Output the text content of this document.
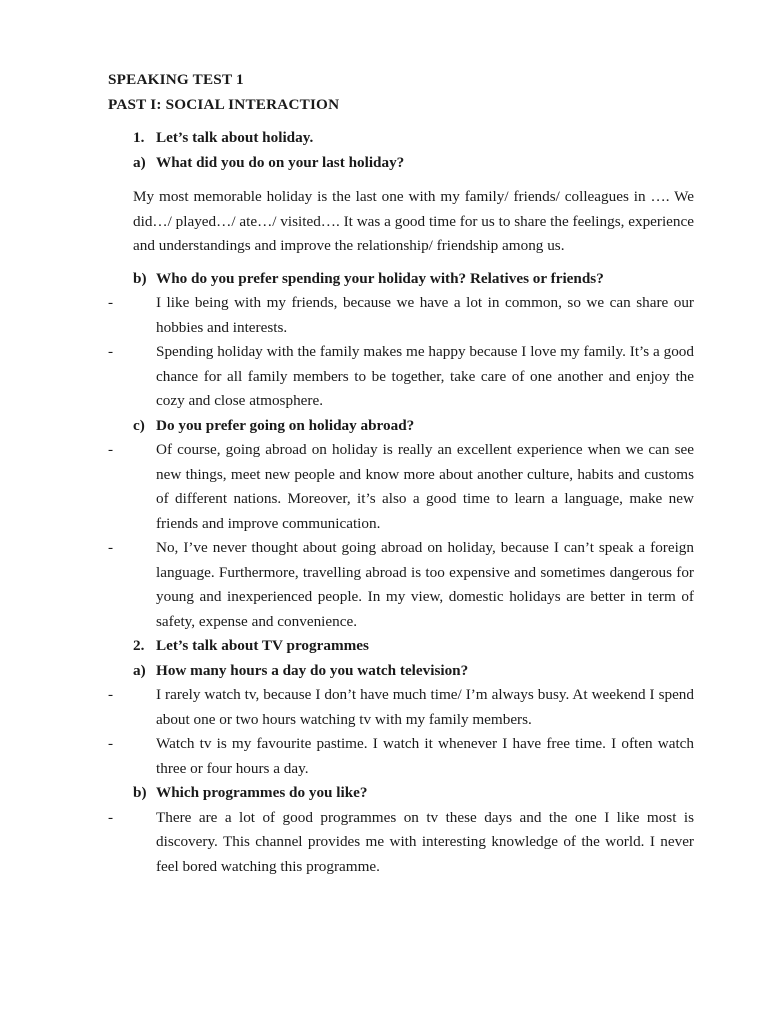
SPEAKING TEST 1

PAST I: SOCIAL INTERACTION

1. Let’s talk about holiday.
a) What did you do on your last holiday?

My most memorable holiday is the last one with my family/ friends/ colleagues in …. We did…/ played…/ ate…/ visited…. It was a good time for us to share the feelings, experience and understandings and improve the relationship/ friendship among us.

b) Who do you prefer spending your holiday with? Relatives or friends?
-	I like being with my friends, because we have a lot in common, so we can share our hobbies and interests.
-	Spending holiday with the family makes me happy because I love my family. It’s a good chance for all family members to be together, take care of one another and enjoy the cozy and close atmosphere.
c) Do you prefer going on holiday abroad?
-	Of course, going abroad on holiday is really an excellent experience when we can see new things, meet new people and know more about another culture, habits and customs of different nations. Moreover, it’s also a good time to learn a language, make new friends and improve communication.
-	No, I’ve never thought about going abroad on holiday, because I can’t speak a foreign language. Furthermore, travelling abroad is too expensive and sometimes dangerous for young and inexperienced people. In my view, domestic holidays are better in term of safety, expense and convenience.
2. Let’s talk about TV programmes
a) How many hours a day do you watch television?
-	I rarely watch tv, because I don’t have much time/ I’m always busy. At weekend I spend about one or two hours watching tv with my family members.
-	Watch tv is my favourite pastime. I watch it whenever I have free time. I often watch three or four hours a day.
b) Which programmes do you like?
-	There are a lot of good programmes on tv these days and the one I like most is discovery. This channel provides me with interesting knowledge of the world. I never feel bored watching this programme.
